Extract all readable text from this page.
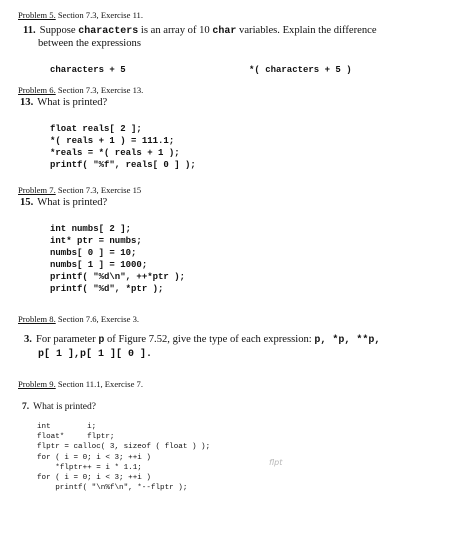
Problem 5. Section 7.3, Exercise 11.
11. Suppose characters is an array of 10 char variables. Explain the difference
between the expressions
characters + 5	*( characters + 5 )
Problem 6. Section 7.3, Exercise 13.
13. What is printed?
float reals[ 2 ];
*( reals + 1 ) = 111.1;
*reals = *( reals + 1 );
printf( "%f", reals[ 0 ] );
Problem 7. Section 7.3, Exercise 15
15. What is printed?
int numbs[ 2 ];
int* ptr = numbs;
numbs[ 0 ] = 10;
numbs[ 1 ] = 1000;
printf( "%d\n", ++*ptr );
printf( "%d", *ptr );
Problem 8. Section 7.6, Exercise 3.
3. For parameter p of Figure 7.52, give the type of each expression: p, *p, **p,
p[ 1 ],p[ 1 ][ 0 ].
Problem 9. Section 11.1, Exercise 7.
7. What is printed?
int        i;
float*     flptr;
flptr = calloc( 3, sizeof ( float ) );
for ( i = 0; i < 3; ++i )
*flptr++ = i * 1.1;
for ( i = 0; i < 3; ++i )
printf( "\n%f\n", *--flptr );
flpt
